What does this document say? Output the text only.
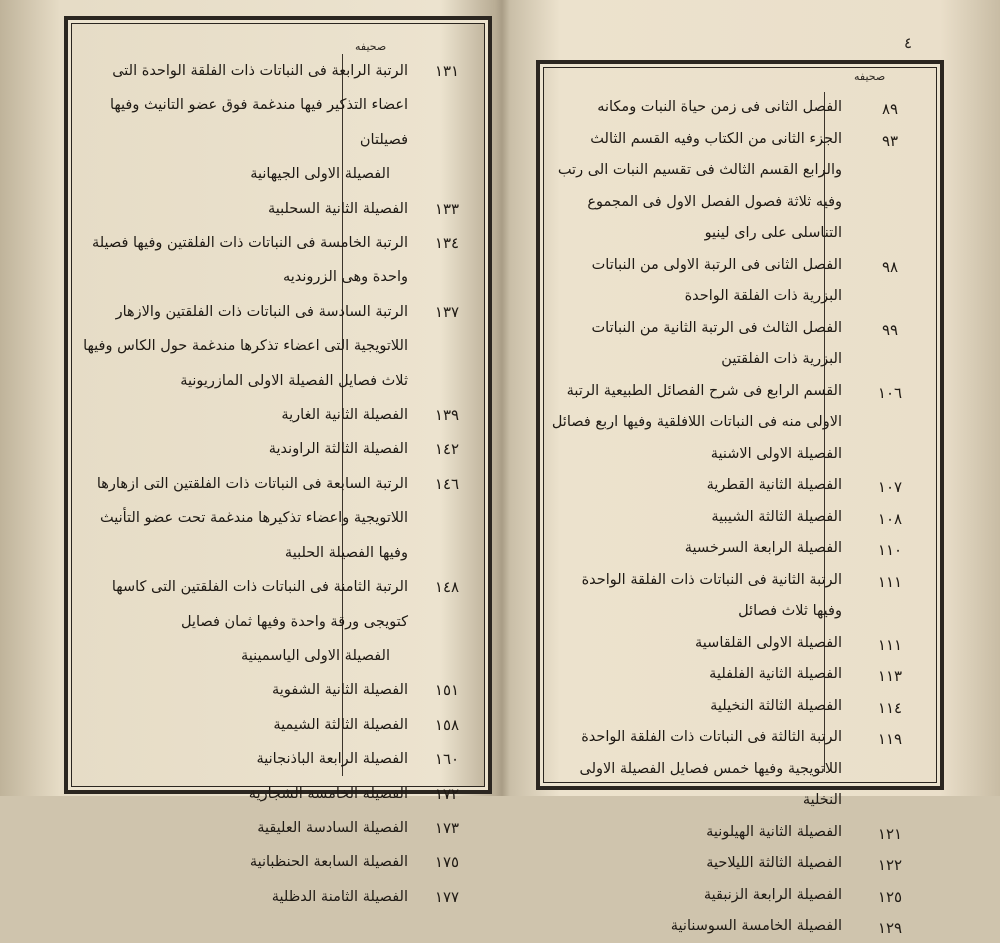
صحيفه
١٣١
الرتبة الرابعة فى النباتات ذات الفلقة الواحدة التى اعضاء التذكير فيها مندغمة فوق عضو التانيث وفيها فصيلتان
الفصيلة الاولى الجيهانية
١٣٣
الفصيلة الثانية السحلبية
١٣٤
الرتبة الخامسة فى النباتات ذات الفلقتين وفيها فصيلة واحدة وهى الزرونديه
١٣٧
الرتبة السادسة فى النباتات ذات الفلقتين والازهار اللاتويجية التى اعضاء تذكرها مندغمة حول الكاس وفيها ثلاث فصايل الفصيلة الاولى المازريونية
١٣٩
الفصيلة الثانية الغارية
١٤٢
الفصيلة الثالثة الراوندية
١٤٦
الرتبة السابعة فى النباتات ذات الفلقتين التى ازهارها اللاتويجية واعضاء تذكيرها مندغمة تحت عضو التأنيث وفيها الفصيلة الحلبية
١٤٨
الرتبة الثامنة فى النباتات ذات الفلقتين التى كاسها كتويجى ورقة واحدة وفيها ثمان فصايل
الفصيلة الاولى الياسمينية
١٥١
الفصيلة الثانية الشفوية
١٥٨
الفصيلة الثالثة الشيمية
١٦٠
الفصيلة الرابعة الباذنجانية
١٧٢
الفصيلة الخامسة الشجارية
١٧٣
الفصيلة السادسة العليقية
١٧٥
الفصيلة السابعة الحنظبانية
١٧٧
الفصيلة الثامنة الدظلية
٤
صحيفه
٨٩
الفصل الثانى فى زمن حياة النبات ومكانه
٩٣
الجزء الثانى من الكتاب وفيه القسم الثالث والرابع القسم الثالث فى تقسيم النبات الى رتب وفيه ثلاثة فصول الفصل الاول فى المجموع التناسلى على راى لينيو
٩٨
الفصل الثانى فى الرتبة الاولى من النباتات البزرية ذات الفلقة الواحدة
٩٩
الفصل الثالث فى الرتبة الثانية من النباتات البزرية ذات الفلقتين
١٠٦
القسم الرابع فى شرح الفصائل الطبيعية الرتبة الاولى منه فى النباتات اللافلقية وفيها اربع فصائل الفصيلة الاولى الاشنية
١٠٧
الفصيلة الثانية القطرية
١٠٨
الفصيلة الثالثة الشيبية
١١٠
الفصيلة الرابعة السرخسية
١١١
الرتبة الثانية فى النباتات ذات الفلقة الواحدة وفيها ثلاث فصائل
١١١
الفصيلة الاولى القلقاسية
١١٣
الفصيلة الثانية الفلفلية
١١٤
الفصيلة الثالثة النخيلية
١١٩
الرتبة الثالثة فى النباتات ذات الفلقة الواحدة اللاتويجية وفيها خمس فصايل الفصيلة الاولى النخلية
١٢١
الفصيلة الثانية الهيلونية
١٢٢
الفصيلة الثالثة الليلاحية
١٢٥
الفصيلة الرابعة الزنبقية
١٢٩
الفصيلة الخامسة السوسنانية
